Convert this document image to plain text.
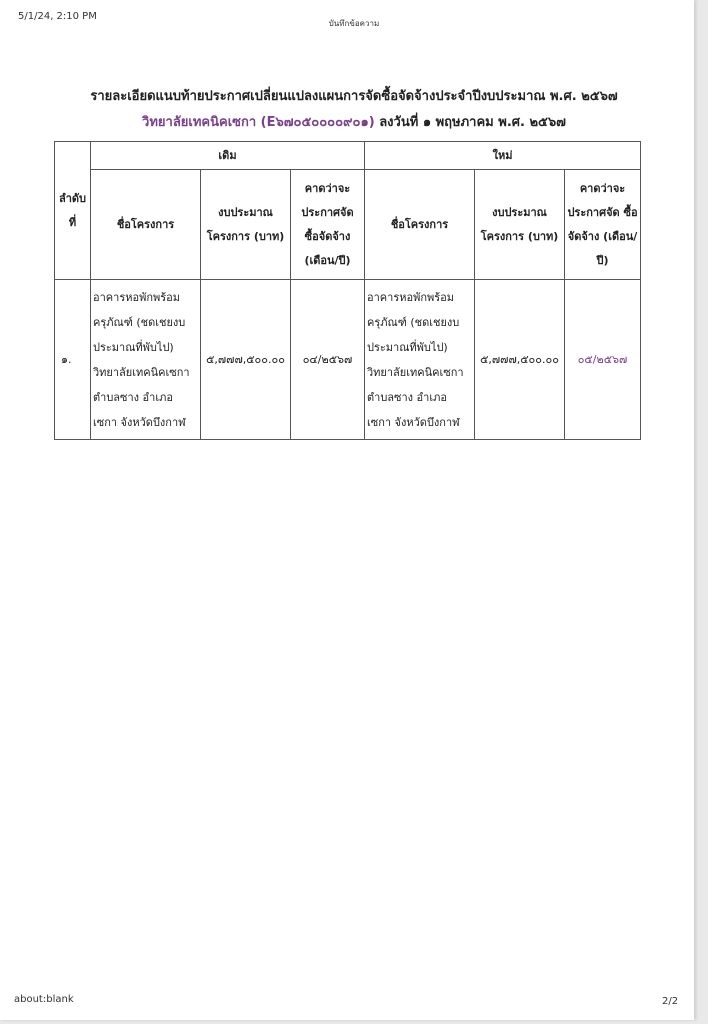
5/1/24, 2:10 PM
บันทึกข้อความ
รายละเอียดแนบท้ายประกาศเปลี่ยนแปลงแผนการจัดซื้อจัดจ้างประจำปีงบประมาณ พ.ศ. ๒๕๖๗
วิทยาลัยเทคนิคเซกา (E๖๗๐๕๐๐๐๐๙๐๑) ลงวันที่ ๑ พฤษภาคม พ.ศ. ๒๕๖๗
ลำดับ ที่	เดิม			ใหม่		
	ชื่อโครงการ	งบประมาณ โครงการ (บาท)	คาดว่าจะ ประกาศจัด ซื้อจัดจ้าง (เดือน/ปี)	ชื่อโครงการ	งบประมาณ โครงการ (บาท)	คาดว่าจะ ประกาศจัด ซื้อจัดจ้าง (เดือน/ปี)
๑.	อาคารหอพักพร้อม ครุภัณฑ์ (ชดเชยงบ ประมาณที่พับไป) วิทยาลัยเทคนิคเซกา ตำบลซาง อำเภอ เซกา จังหวัดบึงกาฬ	๕,๗๗๗,๕๐๐.๐๐	๐๔/๒๕๖๗	อาคารหอพักพร้อม ครุภัณฑ์ (ชดเชยงบ ประมาณที่พับไป) วิทยาลัยเทคนิคเซกา ตำบลซาง อำเภอ เซกา จังหวัดบึงกาฬ	๕,๗๗๗,๕๐๐.๐๐	๐๕/๒๕๖๗
about:blank	2/2
